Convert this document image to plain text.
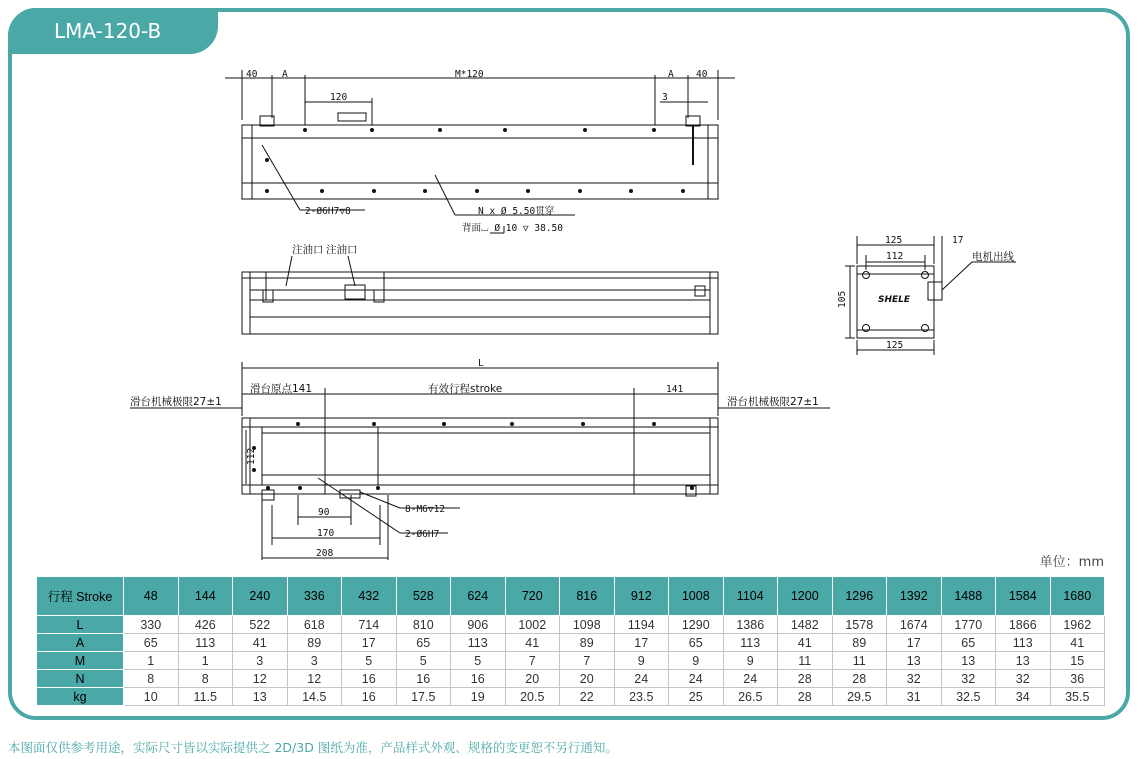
LMA-120-B
40	A	M*120	A 40
120	3
2-Ø6H7▽8	N x Ø 5.50贯穿
背面⌴ Ø 10 ▽ 38.50
注油口 注油口
125	17
112	电机出线
105
125
SHELE
L
滑台机械极限27±1
滑台原点141	有效行程stroke	141
滑台机械极限27±1
112
8-M6▽12
2-Ø6H7
90
170
208
单位：mm
行程 Stroke	48	144	240	336	432	528	624	720	816	912	1008	1104	1200	1296	1392	1488	1584	1680
L	330	426	522	618	714	810	906	1002	1098	1194	1290	1386	1482	1578	1674	1770	1866	1962
A	65	113	41	89	17	65	113	41	89	17	65	113	41	89	17	65	113	41
M	1	1	3	3	5	5	5	7	7	9	9	9	11	11	13	13	13	15
N	8	8	12	12	16	16	16	20	20	24	24	24	28	28	32	32	32	36
kg	10	11.5	13	14.5	16	17.5	19	20.5	22	23.5	25	26.5	28	29.5	31	32.5	34	35.5
本图面仅供参考用途，实际尺寸皆以实际提供之 2D/3D 图纸为准，产品样式外观、规格的变更恕不另行通知。
